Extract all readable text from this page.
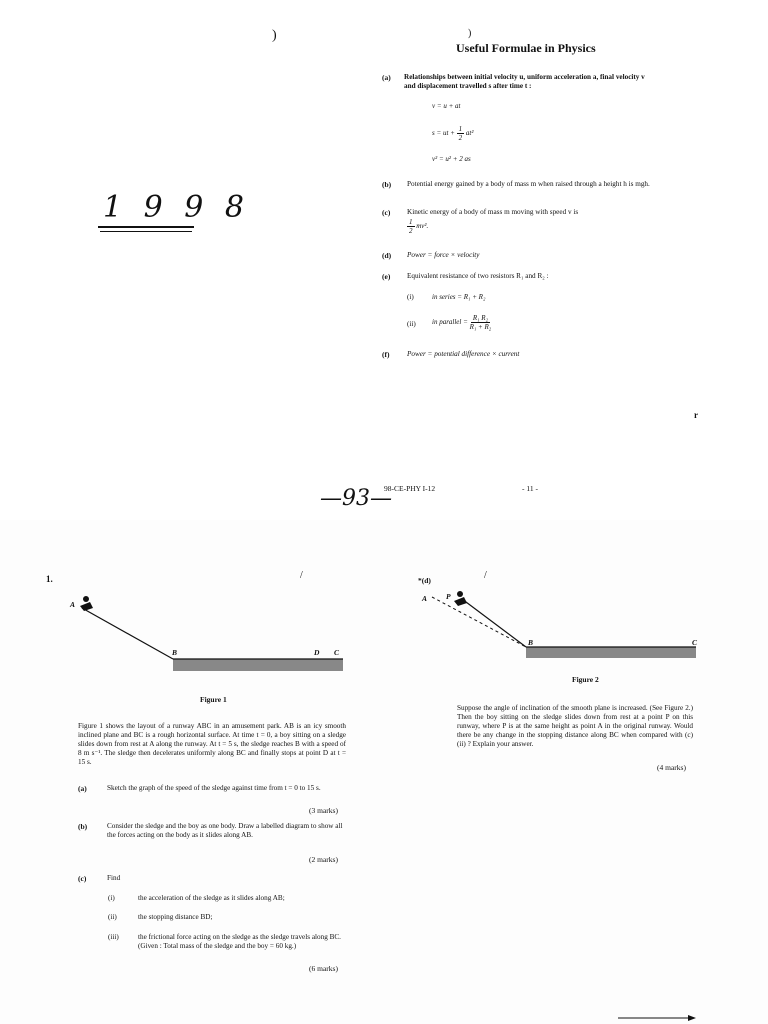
)	)
1 9 9 8
Useful Formulae in Physics
(a) Relationships between initial velocity u, uniform acceleration a, final velocity v and displacement travelled s after time t :
v = u + at
s = ut + $\frac{1}{2} at^2$
v² = u² + 2 as
(b) Potential energy gained by a body of mass m when raised through a height h is mgh.
(c) Kinetic energy of a body of mass m moving with speed v is
$\frac{1}{2} mv^2$.
(d) Power = force × velocity
(e) Equivalent resistance of two resistors R₁ and R₂ :
(i)	in series = R₁ + R₂
(ii) in parallel = $\frac{\text{R₁ R₂}}{\text{R₁ + R₂}}$
(f) Power = potential difference × current
r
98-CE-PHY I-12	- 11 -
—93—
1.	/
A
B	D C
Figure 1
Figure 1 shows the layout of a runway ABC in an amusement park. AB is an icy smooth inclined plane and BC is a rough horizontal surface. At time t = 0, a boy sitting on a sledge slides down from rest at A along the runway. At t = 5 s, the sledge reaches B with a speed of 8 m s⁻¹. The sledge then decelerates uniformly along BC and finally stops at point D at t = 15 s.
(a)	Sketch the graph of the speed of the sledge against time from t = 0 to 15 s.
(3 marks)
(b)	Consider the sledge and the boy as one body. Draw a labelled diagram to show all the forces acting on the body as it slides along AB.
(2 marks)
(c)	Find
(i)	the acceleration of the sledge as it slides along AB;
(ii)	the stopping distance BD;
(iii)	the frictional force acting on the sledge as the sledge travels along BC. (Given : Total mass of the sledge and the boy = 60 kg.)
(6 marks)
*(d)	/
A	P
B	C
Figure 2
Suppose the angle of inclination of the smooth plane is increased. (See Figure 2.) Then the boy sitting on the sledge slides down from rest at a point P on this runway, where P is at the same height as point A in the original runway. Would there be any change in the stopping distance along BC when compared with (c) (ii) ? Explain your answer.
(4 marks)
